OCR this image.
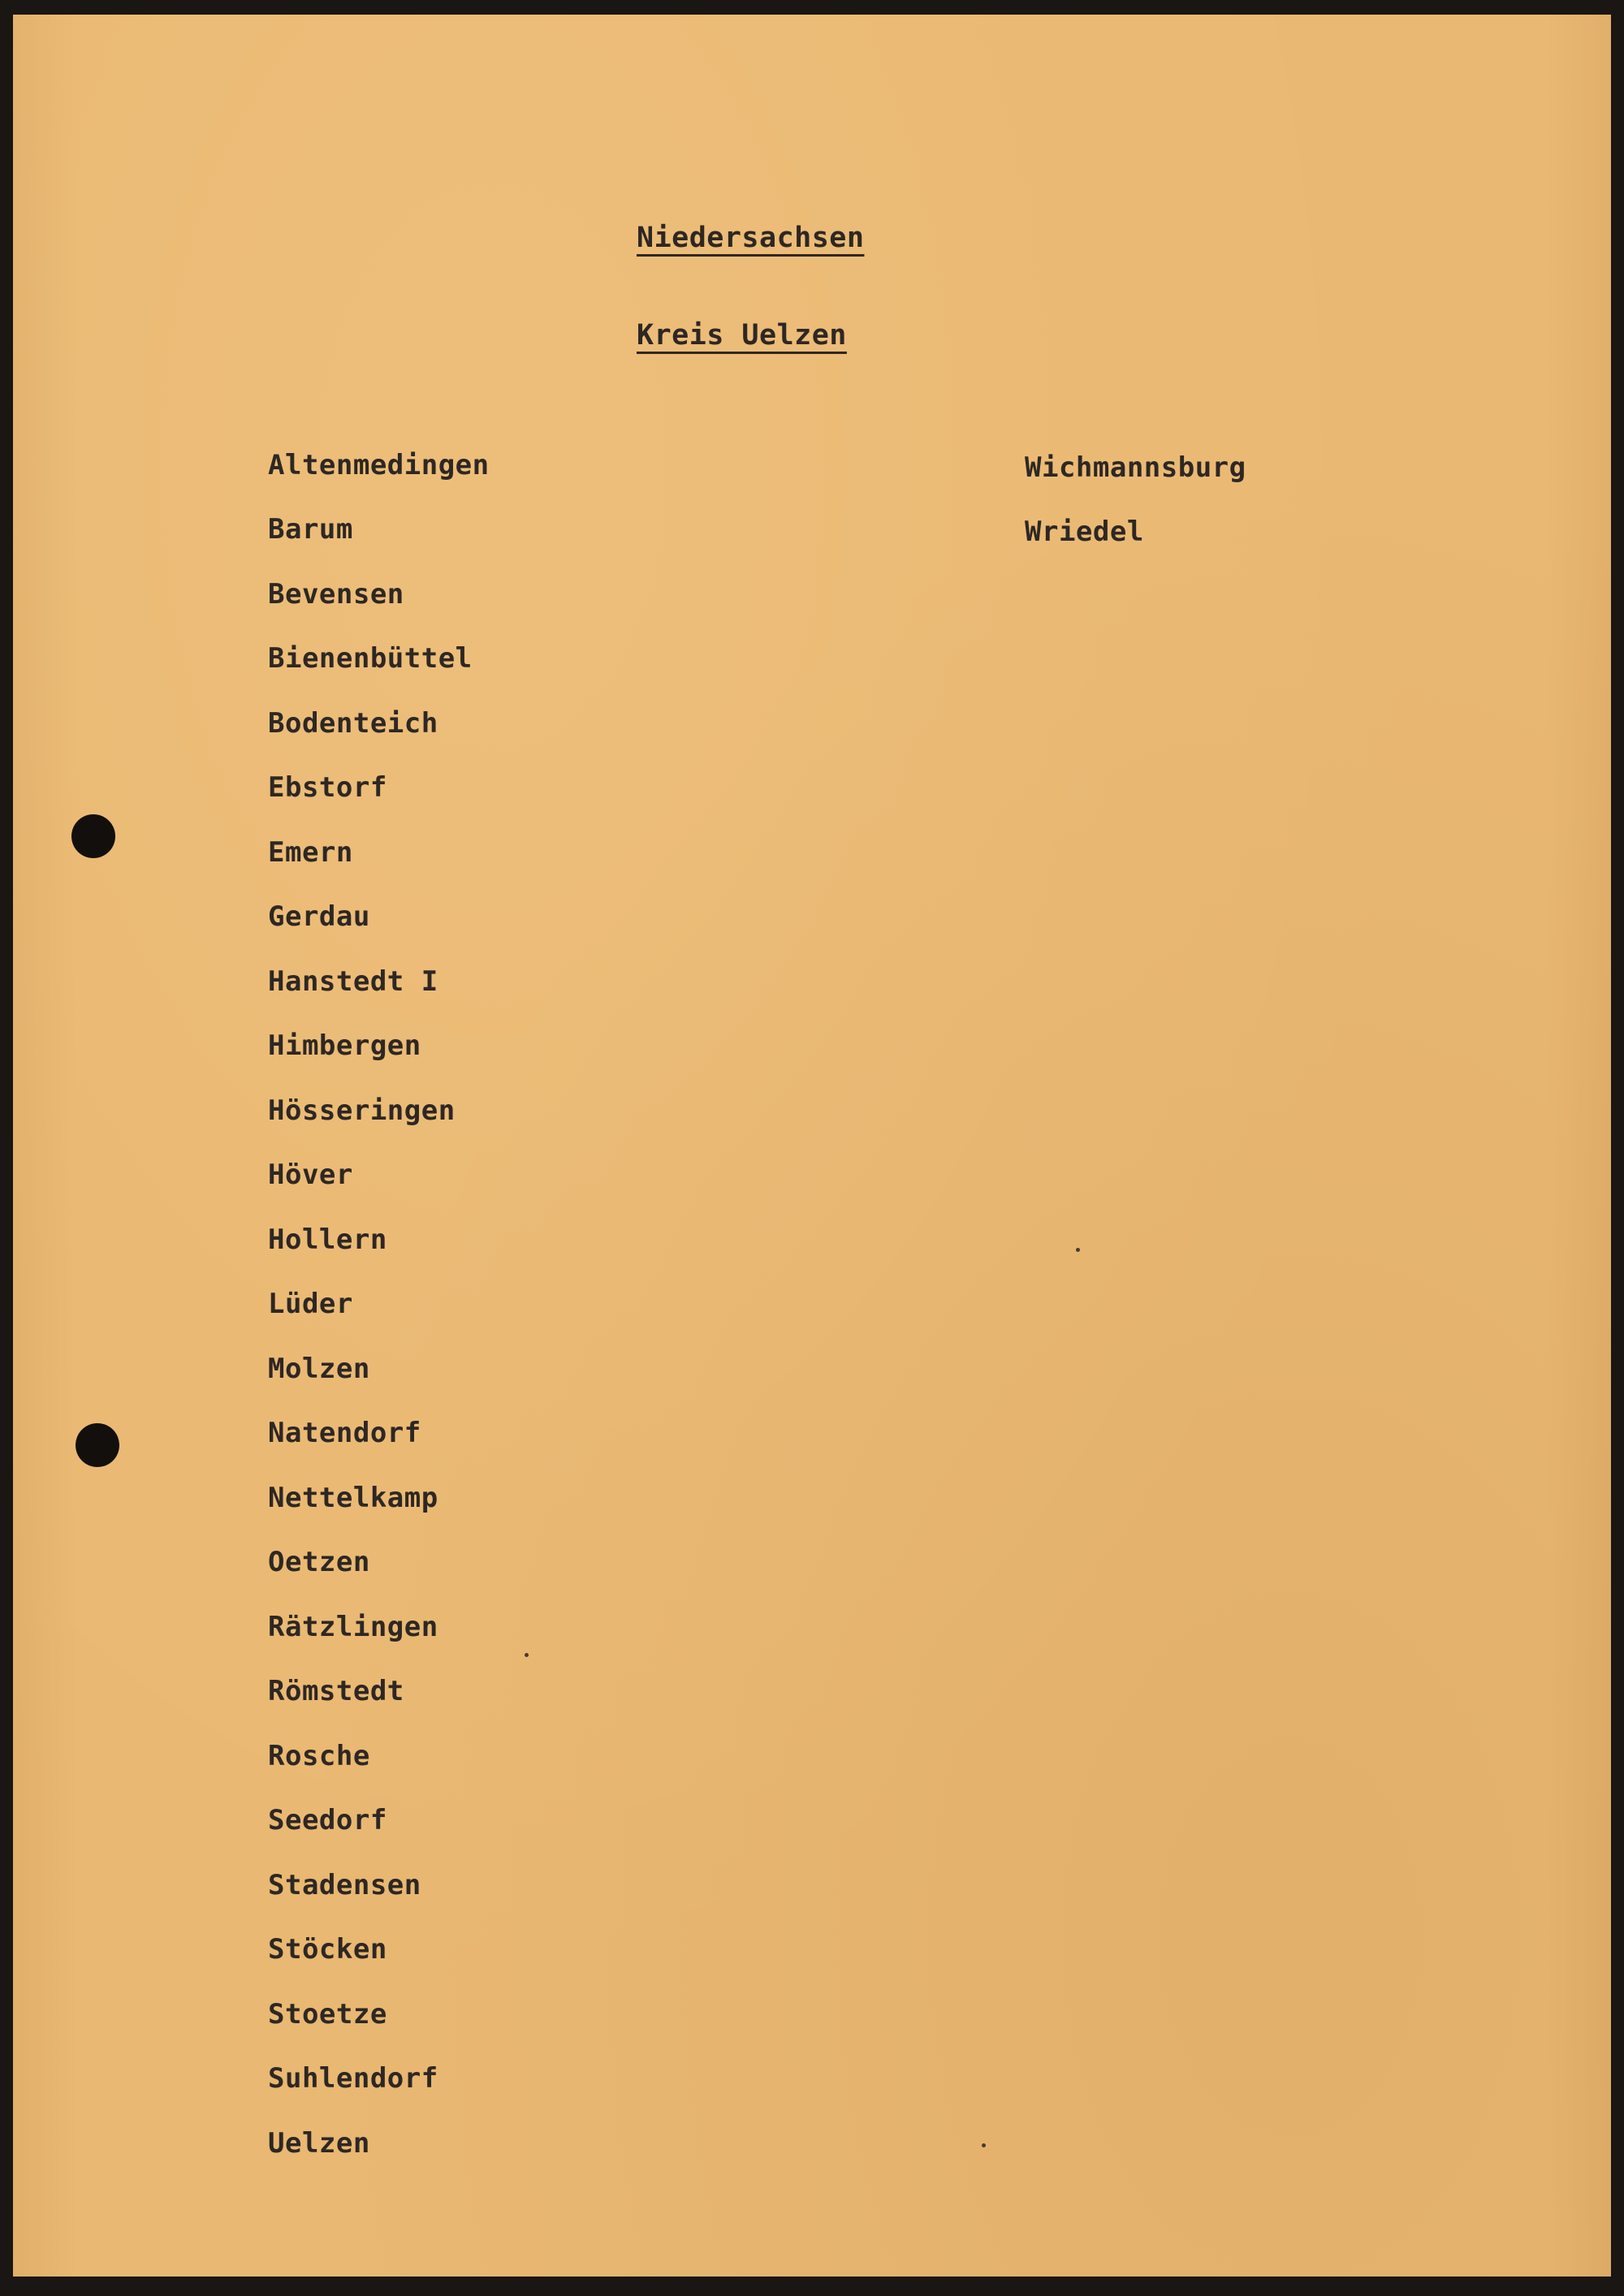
Niedersachsen
Kreis Uelzen
Altenmedingen
Barum
Bevensen
Bienenbüttel
Bodenteich
Ebstorf
Emern
Gerdau
Hanstedt I
Himbergen
Hösseringen
Höver
Hollern
Lüder
Molzen
Natendorf
Nettelkamp
Oetzen
Rätzlingen
Römstedt
Rosche
Seedorf
Stadensen
Stöcken
Stoetze
Suhlendorf
Uelzen
Wichmannsburg
Wriedel
